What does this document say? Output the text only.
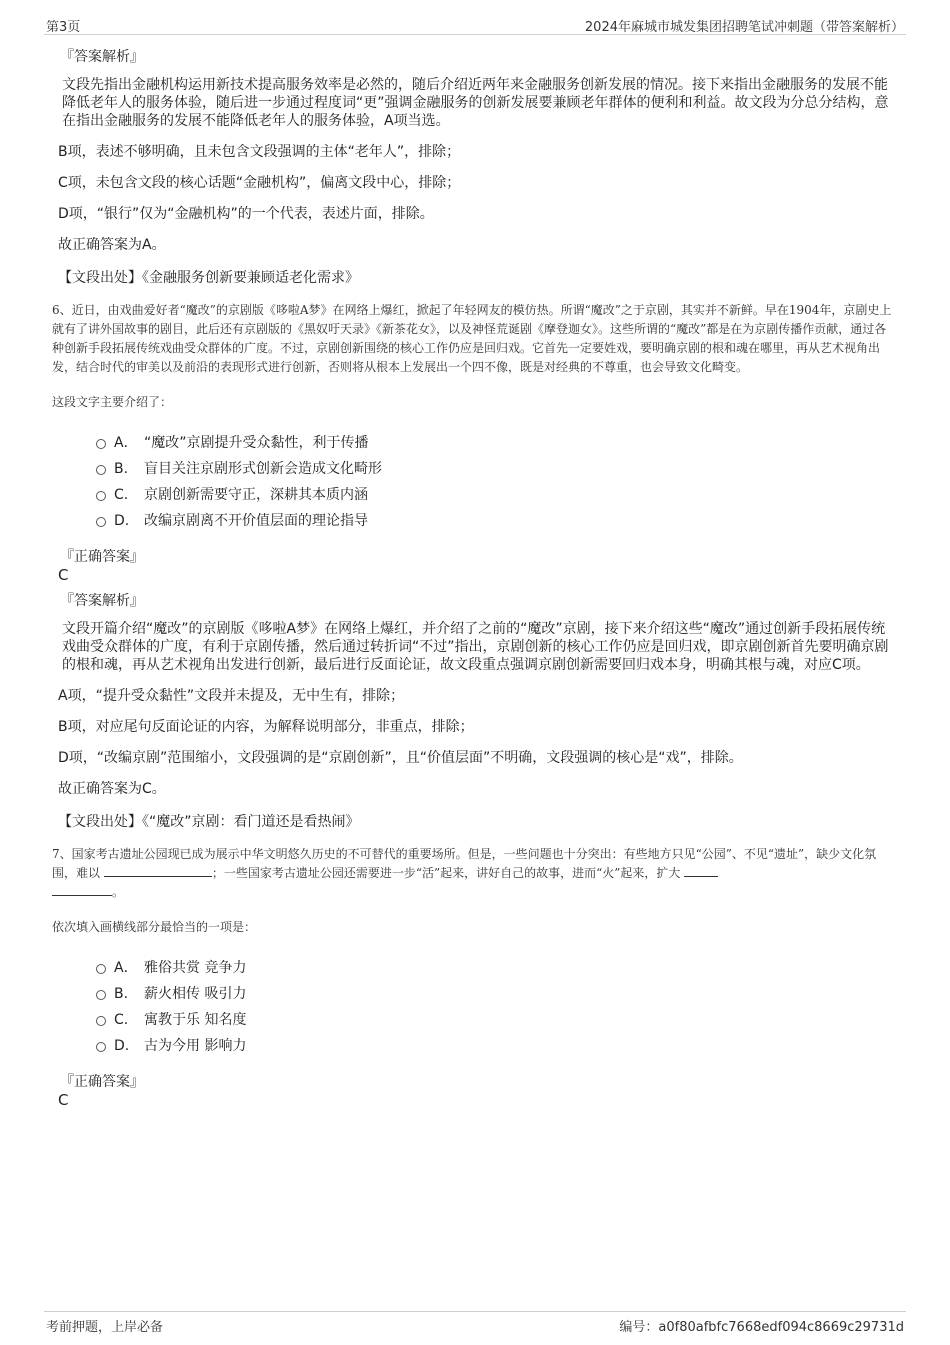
第3页	2024年麻城市城发集团招聘笔试冲刺题（带答案解析）
『答案解析』
文段先指出金融机构运用新技术提高服务效率是必然的，随后介绍近两年来金融服务创新发展的情况。接下来指出金融服务的发展不能降低老年人的服务体验，随后进一步通过程度词“更”强调金融服务的创新发展要兼顾老年群体的便利和利益。故文段为分总分结构，意在指出金融服务的发展不能降低老年人的服务体验，A项当选。
B项，表述不够明确，且未包含文段强调的主体“老年人”，排除；
C项，未包含文段的核心话题“金融机构”，偏离文段中心，排除；
D项，“银行”仅为“金融机构”的一个代表，表述片面，排除。
故正确答案为A。
【文段出处】《金融服务创新要兼顾适老化需求》
6、近日，由戏曲爱好者“魔改”的京剧版《哆啦A梦》在网络上爆红，掀起了年轻网友的模仿热。所谓“魔改”之于京剧，其实并不新鲜。早在1904年，京剧史上就有了讲外国故事的剧目，此后还有京剧版的《黑奴吁天录》《新茶花女》，以及神怪荒诞剧《摩登迦女》。这些所谓的“魔改”都是在为京剧传播作贡献，通过各种创新手段拓展传统戏曲受众群体的广度。不过，京剧创新围绕的核心工作仍应是回归戏。它首先一定要姓戏，要明确京剧的根和魂在哪里，再从艺术视角出发，结合时代的审美以及前沿的表现形式进行创新，否则将从根本上发展出一个四不像，既是对经典的不尊重，也会导致文化畸变。
这段文字主要介绍了：
A． “魔改”京剧提升受众黏性，利于传播
B. 盲目关注京剧形式创新会造成文化畸形
C. 京剧创新需要守正，深耕其本质内涵
D. 改编京剧离不开价值层面的理论指导
『正确答案』
C
『答案解析』
文段开篇介绍“魔改”的京剧版《哆啦A梦》在网络上爆红，并介绍了之前的“魔改”京剧，接下来介绍这些“魔改”通过创新手段拓展传统戏曲受众群体的广度，有利于京剧传播，然后通过转折词“不过”指出，京剧创新的核心工作仍应是回归戏，即京剧创新首先要明确京剧的根和魂，再从艺术视角出发进行创新，最后进行反面论证，故文段重点强调京剧创新需要回归戏本身，明确其根与魂，对应C项。
A项，“提升受众黏性”文段并未提及，无中生有，排除；
B项，对应尾句反面论证的内容，为解释说明部分，非重点，排除；
D项，“改编京剧”范围缩小，文段强调的是“京剧创新”，且“价值层面”不明确，文段强调的核心是“戏”，排除。
故正确答案为C。
【文段出处】《“魔改”京剧：看门道还是看热闹》
7、国家考古遗址公园现已成为展示中华文明悠久历史的不可替代的重要场所。但是，一些问题也十分突出：有些地方只见“公园”、不见“遗址”，缺少文化氛围，难以	；一些国家考古遗址公园还需要进一步“活”起来，讲好自己的故事，进而“火”起来，扩大
。
依次填入画横线部分最恰当的一项是：
A． 雅俗共赏 竞争力
B. 薪火相传 吸引力
C. 寓教于乐 知名度
D. 古为今用 影响力
『正确答案』
C
考前押题，上岸必备	编号：a0f80afbfc7668edf094c8669c29731d
